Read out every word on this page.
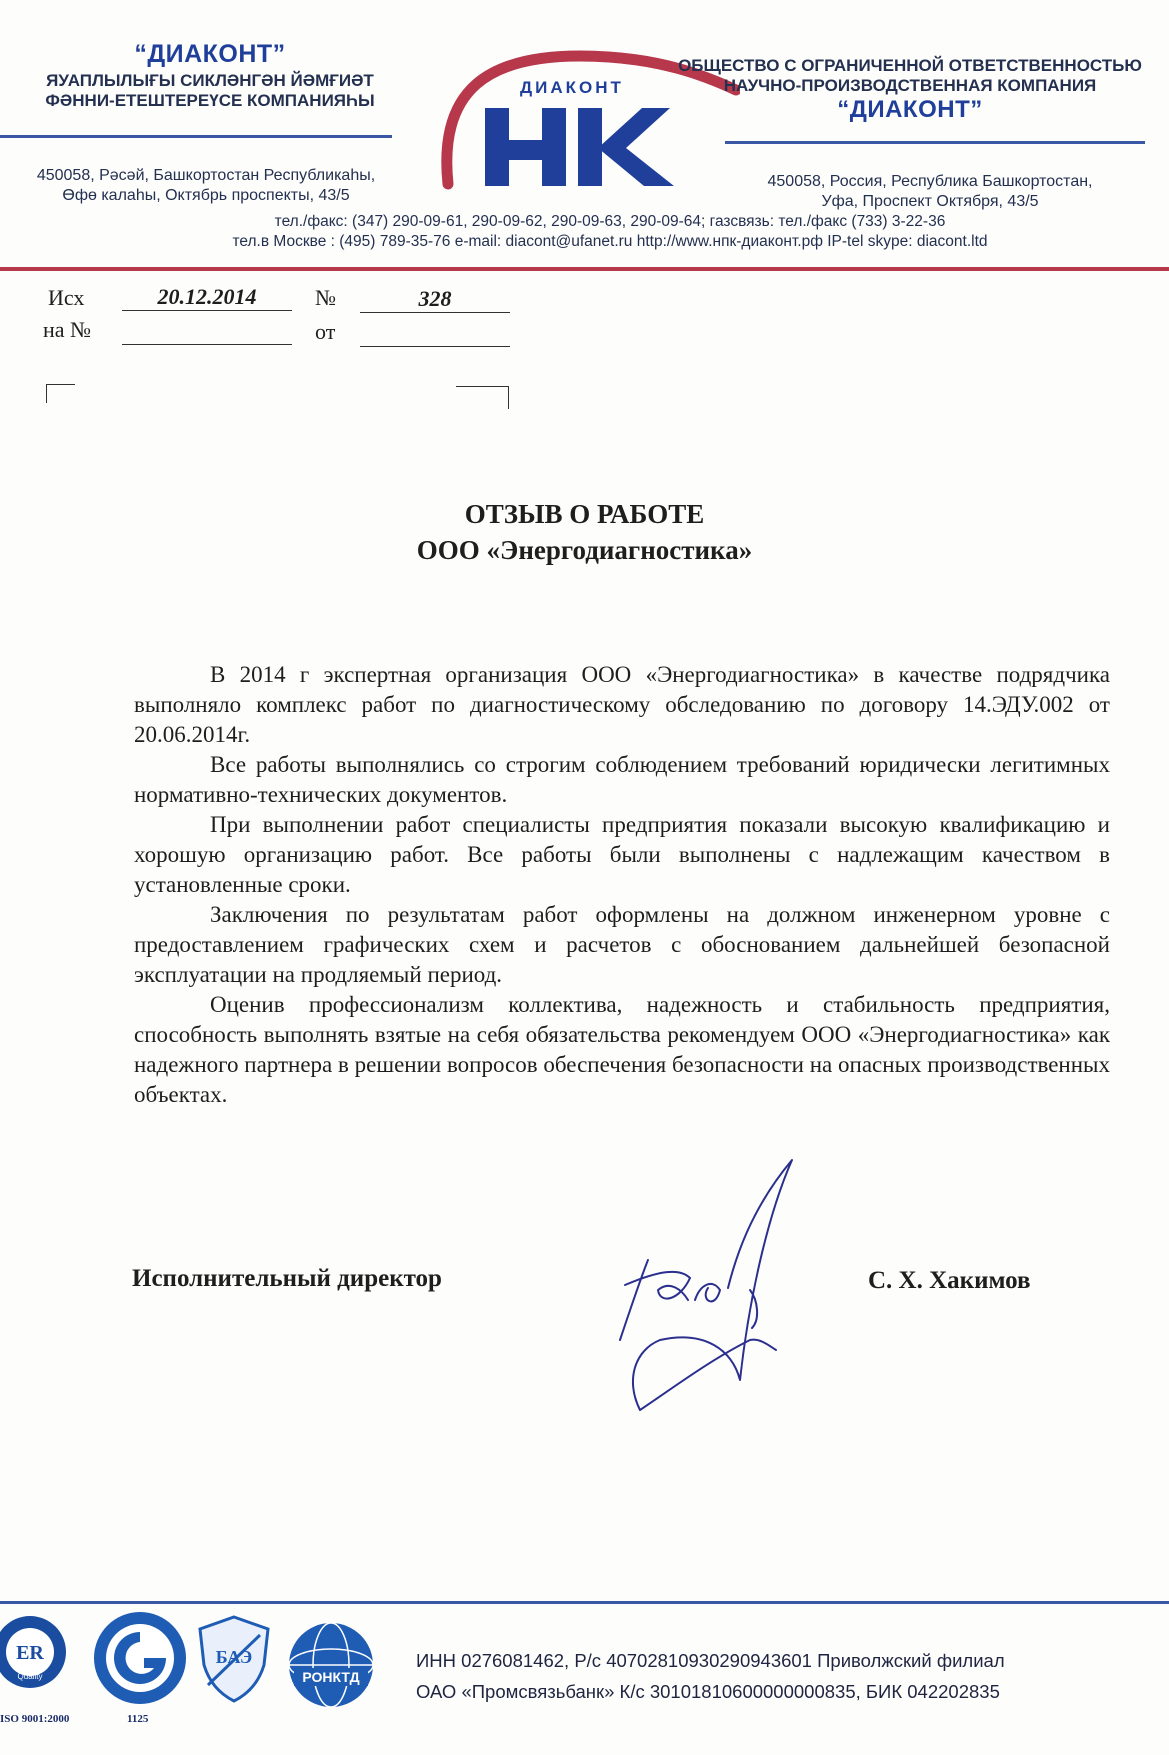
“ДИАКОНТ”
ЯУАПЛЫЛЫҒЫ СИКЛӘНГӘН ЙӘМҒИӘТ
ФӘННИ-ЕТЕШТЕРЕҮСЕ КОМПАНИЯҺЫ
450058, Рәсәй, Башкортостан Республикаһы,
Өфө калаһы, Октябрь проспекты, 43/5
ДИАКОНТ
ОБЩЕСТВО С ОГРАНИЧЕННОЙ ОТВЕТСТВЕННОСТЬЮ
НАУЧНО-ПРОИЗВОДСТВЕННАЯ КОМПАНИЯ
“ДИАКОНТ”
450058, Россия, Республика Башкортостан,
Уфа, Проспект Октября, 43/5
тел./факс: (347) 290-09-61, 290-09-62, 290-09-63, 290-09-64; газсвязь: тел./факс (733) 3-22-36
тел.в Москве : (495) 789-35-76 e-mail: diacont@ufanet.ru http://www.нпк-диаконт.рф IP-tel skype: diacont.ltd
Исх	20.12.2014	№	328
на №	от
ОТЗЫВ О РАБОТЕ
ООО «Энергодиагностика»

В 2014 г экспертная организация ООО «Энергодиагностика» в качестве подрядчика выполняло комплекс работ по диагностическому обследованию по договору 14.ЭДУ.002 от 20.06.2014г.

Все работы выполнялись со строгим соблюдением требований юридически легитимных нормативно-технических документов.

При выполнении работ специалисты предприятия показали высокую квалификацию и хорошую организацию работ. Все работы были выполнены с надлежащим качеством в установленные сроки.

Заключения по результатам работ оформлены на должном инженерном уровне с предоставлением графических схем и расчетов с обоснованием дальнейшей безопасной эксплуатации на продляемый период.

Оценив профессионализм коллектива, надежность и стабильность предприятия, способность выполнять взятые на себя обязательства рекомендуем ООО «Энергодиагностика» как надежного партнера в решении вопросов обеспечения безопасности на опасных производственных объектах.

Исполнительный директор	С. Х. Хакимов
ER
Quality
ISO 9001:2000	1125
БАЭ
РОНКТД
ИНН 0276081462, Р/с 40702810930290943601 Приволжский филиал
ОАО «Промсвязьбанк» К/с 30101810600000000835, БИК 042202835
